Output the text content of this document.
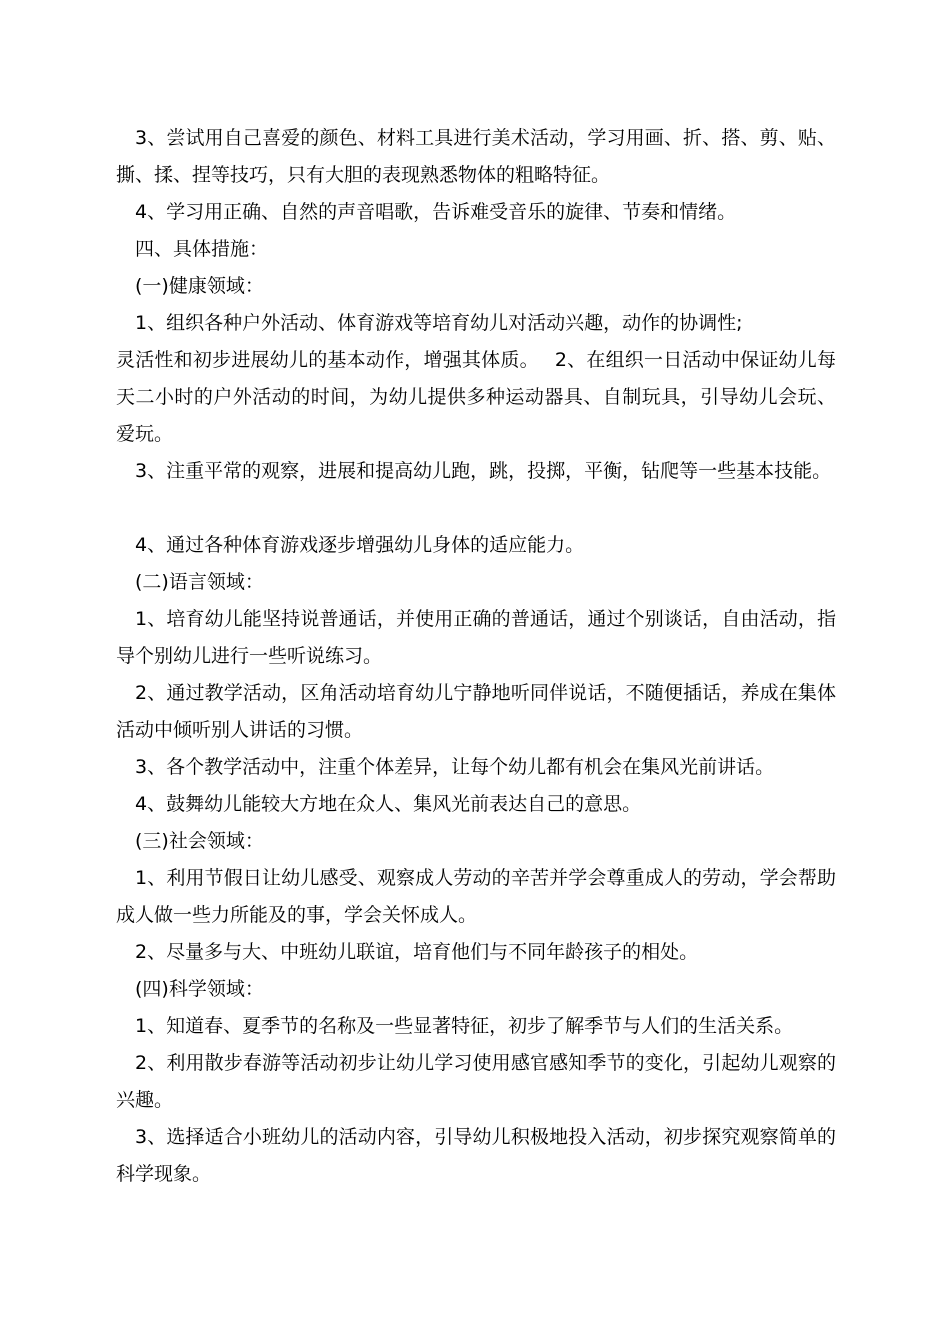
3、尝试用自己喜爱的颜色、材料工具进行美术活动，学习用画、折、搭、剪、贴、撕、揉、捏等技巧，只有大胆的表现熟悉物体的粗略特征。

4、学习用正确、自然的声音唱歌，告诉难受音乐的旋律、节奏和情绪。

四、具体措施：

(一)健康领域：

1、组织各种户外活动、体育游戏等培育幼儿对活动兴趣，动作的协调性;

灵活性和初步进展幼儿的基本动作，增强其体质。　 2、在组织一日活动中保证幼儿每天二小时的户外活动的时间，为幼儿提供多种运动器具、自制玩具，引导幼儿会玩、爱玩。

3、注重平常的观察，进展和提高幼儿跑，跳，投掷，平衡，钻爬等一些基本技能。

4、通过各种体育游戏逐步增强幼儿身体的适应能力。

(二)语言领域：

1、培育幼儿能坚持说普通话，并使用正确的普通话，通过个别谈话，自由活动，指导个别幼儿进行一些听说练习。

2、通过教学活动，区角活动培育幼儿宁静地听同伴说话，不随便插话，养成在集体活动中倾听别人讲话的习惯。

3、各个教学活动中，注重个体差异，让每个幼儿都有机会在集风光前讲话。

4、鼓舞幼儿能较大方地在众人、集风光前表达自己的意思。

(三)社会领域：

1、利用节假日让幼儿感受、观察成人劳动的辛苦并学会尊重成人的劳动，学会帮助成人做一些力所能及的事，学会关怀成人。

2、尽量多与大、中班幼儿联谊，培育他们与不同年龄孩子的相处。

(四)科学领域：

1、知道春、夏季节的名称及一些显著特征，初步了解季节与人们的生活关系。

2、利用散步春游等活动初步让幼儿学习使用感官感知季节的变化，引起幼儿观察的兴趣。

3、选择适合小班幼儿的活动内容，引导幼儿积极地投入活动，初步探究观察简单的科学现象。
